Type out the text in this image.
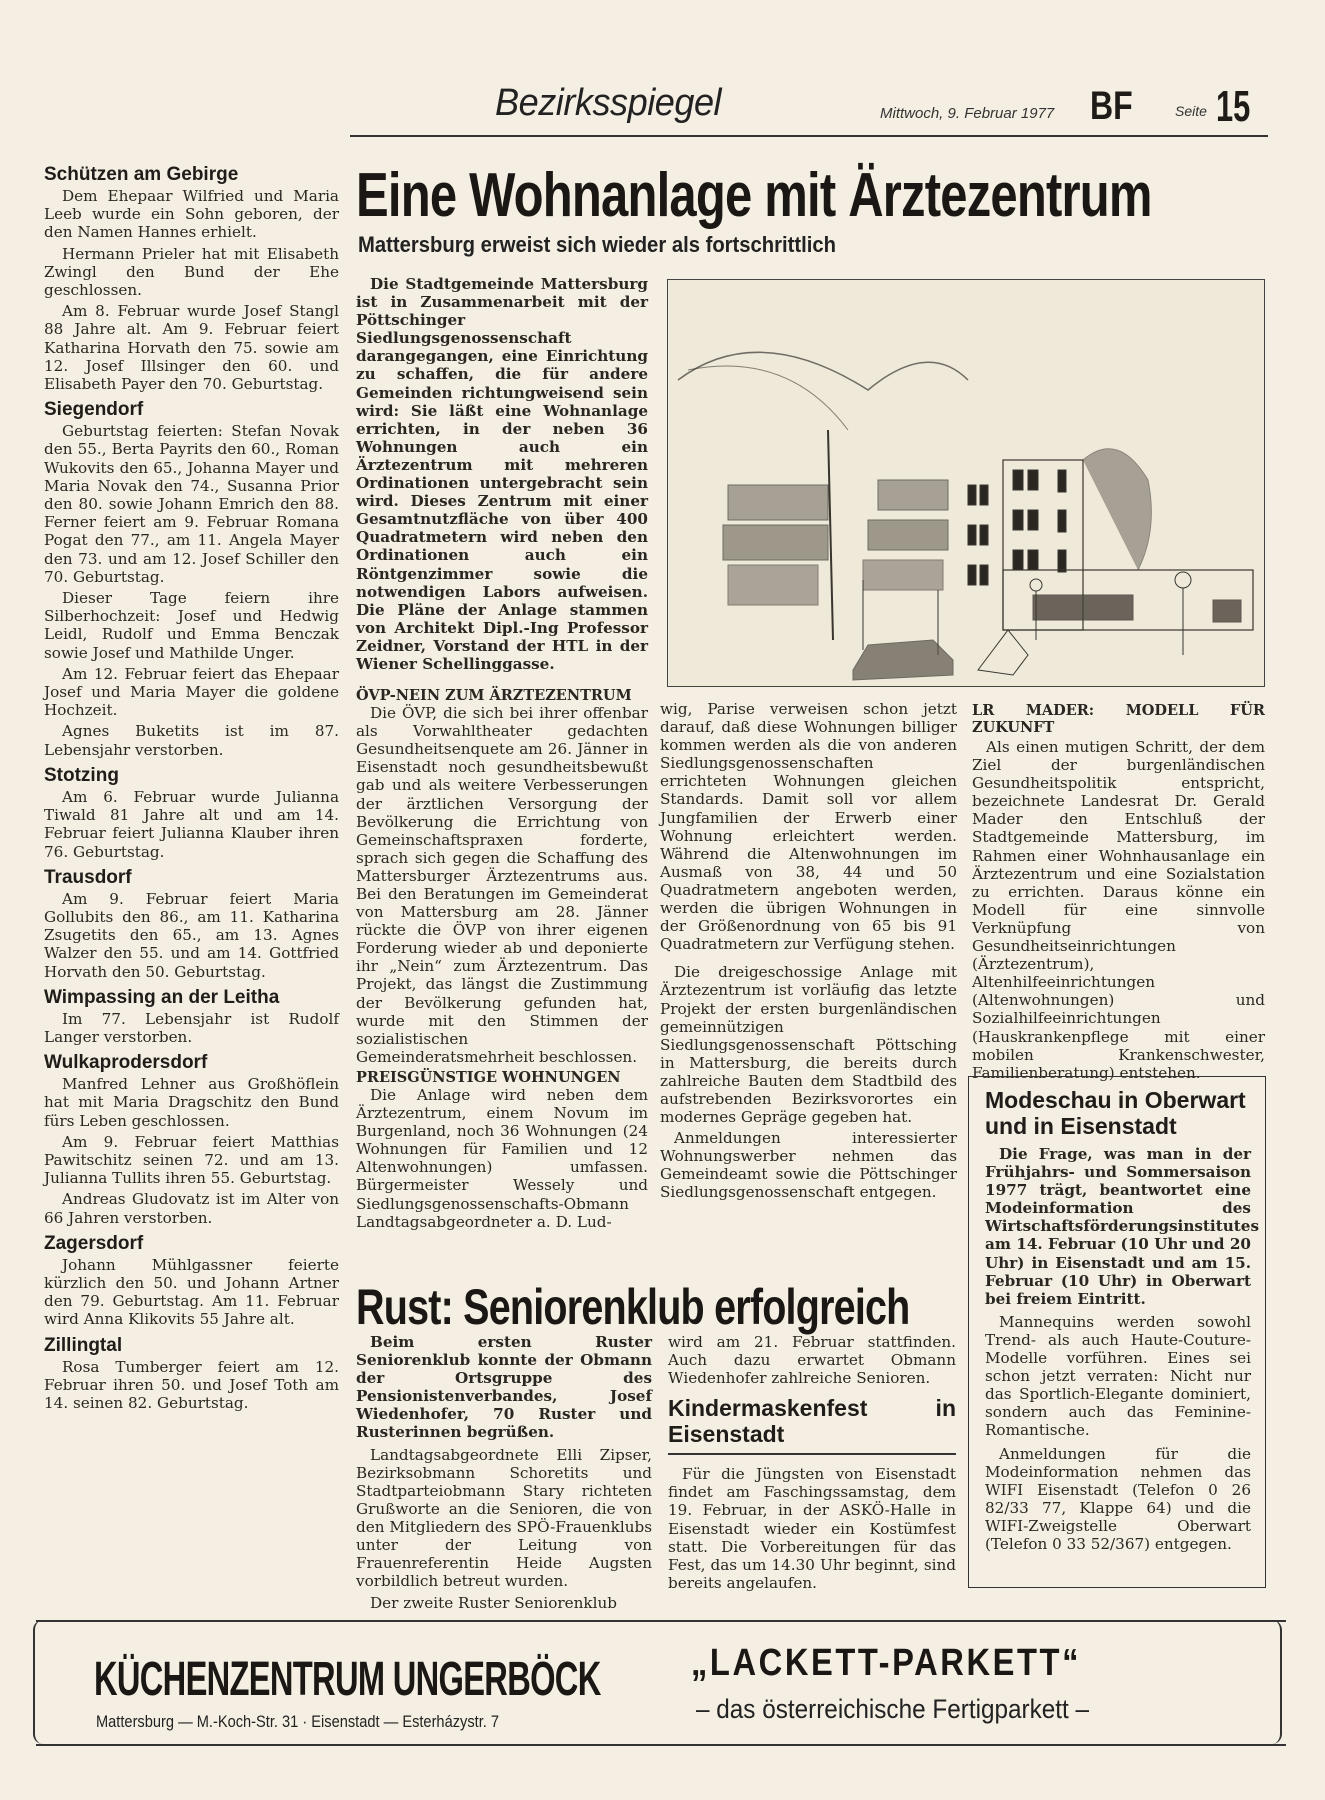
Bezirksspiegel	Mittwoch, 9. Februar 1977 BF	Seite 15
Schützen am Gebirge

Dem Ehepaar Wilfried und Maria Leeb wurde ein Sohn geboren, der den Namen Hannes erhielt.

Hermann Prieler hat mit Elisabeth Zwingl den Bund der Ehe geschlossen.

Am 8. Februar wurde Josef Stangl 88 Jahre alt. Am 9. Februar feiert Katharina Horvath den 75. sowie am 12. Josef Illsinger den 60. und Elisabeth Payer den 70. Geburtstag.

Siegendorf

Geburtstag feierten: Stefan Novak den 55., Berta Payrits den 60., Roman Wukovits den 65., Johanna Mayer und Maria Novak den 74., Susanna Prior den 80. sowie Johann Emrich den 88. Ferner feiert am 9. Februar Romana Pogat den 77., am 11. Angela Mayer den 73. und am 12. Josef Schiller den 70. Geburtstag.

Dieser Tage feiern ihre Silberhochzeit: Josef und Hedwig Leidl, Rudolf und Emma Benczak sowie Josef und Mathilde Unger.

Am 12. Februar feiert das Ehepaar Josef und Maria Mayer die goldene Hochzeit.

Agnes Buketits ist im 87. Lebensjahr verstorben.

Stotzing

Am 6. Februar wurde Julianna Tiwald 81 Jahre alt und am 14. Februar feiert Julianna Klauber ihren 76. Geburtstag.

Trausdorf

Am 9. Februar feiert Maria Gollubits den 86., am 11. Katharina Zsugetits den 65., am 13. Agnes Walzer den 55. und am 14. Gottfried Horvath den 50. Geburtstag.

Wimpassing an der Leitha

Im 77. Lebensjahr ist Rudolf Langer verstorben.

Wulkaprodersdorf

Manfred Lehner aus Großhöflein hat mit Maria Dragschitz den Bund fürs Leben geschlossen.

Am 9. Februar feiert Matthias Pawitschitz seinen 72. und am 13. Julianna Tullits ihren 55. Geburtstag.

Andreas Gludovatz ist im Alter von 66 Jahren verstorben.

Zagersdorf

Johann Mühlgassner feierte kürzlich den 50. und Johann Artner den 79. Geburtstag. Am 11. Februar wird Anna Klikovits 55 Jahre alt.

Zillingtal

Rosa Tumberger feiert am 12. Februar ihren 50. und Josef Toth am 14. seinen 82. Geburtstag.

Eine Wohnanlage mit Ärztezentrum
Mattersburg erweist sich wieder als fortschrittlich

Die Stadtgemeinde Mattersburg ist in Zusammenarbeit mit der Pöttschinger Siedlungsgenossenschaft darangegangen, eine Einrichtung zu schaffen, die für andere Gemeinden richtungweisend sein wird: Sie läßt eine Wohnanlage errichten, in der neben 36 Wohnungen auch ein Ärztezentrum mit mehreren Ordinationen untergebracht sein wird. Dieses Zentrum mit einer Gesamtnutzfläche von über 400 Quadratmetern wird neben den Ordinationen auch ein Röntgenzimmer sowie die notwendigen Labors aufweisen. Die Pläne der Anlage stammen von Architekt Dipl.-Ing Professor Zeidner, Vorstand der HTL in der Wiener Schellinggasse.

ÖVP-NEIN ZUM ÄRZTEZENTRUM

Die ÖVP, die sich bei ihrer offenbar als Vorwahltheater gedachten Gesundheitsenquete am 26. Jänner in Eisenstadt noch gesundheitsbewußt gab und als weitere Verbesserungen der ärztlichen Versorgung der Bevölkerung die Errichtung von Gemeinschaftspraxen forderte, sprach sich gegen die Schaffung des Mattersburger Ärztezentrums aus. Bei den Beratungen im Gemeinderat von Mattersburg am 28. Jänner rückte die ÖVP von ihrer eigenen Forderung wieder ab und deponierte ihr „Nein“ zum Ärztezentrum. Das Projekt, das längst die Zustimmung der Bevölkerung gefunden hat, wurde mit den Stimmen der sozialistischen Gemeinderatsmehrheit beschlossen.

PREISGÜNSTIGE WOHNUNGEN

Die Anlage wird neben dem Ärztezentrum, einem Novum im Burgenland, noch 36 Wohnungen (24 Wohnungen für Familien und 12 Altenwohnungen) umfassen. Bürgermeister Wessely und Siedlungsgenossenschafts-Obmann Landtagsabgeordneter a. D. Lud-

wig, Parise verweisen schon jetzt darauf, daß diese Wohnungen billiger kommen werden als die von anderen Siedlungsgenossenschaften errichteten Wohnungen gleichen Standards. Damit soll vor allem Jungfamilien der Erwerb einer Wohnung erleichtert werden. Während die Altenwohnungen im Ausmaß von 38, 44 und 50 Quadratmetern angeboten werden, werden die übrigen Wohnungen in der Größenordnung von 65 bis 91 Quadratmetern zur Verfügung stehen.

Die dreigeschossige Anlage mit Ärztezentrum ist vorläufig das letzte Projekt der ersten burgenländischen gemeinnützigen Siedlungsgenossenschaft Pöttsching in Mattersburg, die bereits durch zahlreiche Bauten dem Stadtbild des aufstrebenden Bezirksvorortes ein modernes Gepräge gegeben hat.

Anmeldungen interessierter Wohnungswerber nehmen das Gemeindeamt sowie die Pöttschinger Siedlungsgenossenschaft entgegen.

LR MADER: MODELL FÜR ZUKUNFT

Als einen mutigen Schritt, der dem Ziel der burgenländischen Gesundheitspolitik entspricht, bezeichnete Landesrat Dr. Gerald Mader den Entschluß der Stadtgemeinde Mattersburg, im Rahmen einer Wohnhausanlage ein Ärztezentrum und eine Sozialstation zu errichten. Daraus könne ein Modell für eine sinnvolle Verknüpfung von Gesundheitseinrichtungen (Ärztezentrum), Altenhilfeeinrichtungen (Altenwohnungen) und Sozialhilfeeinrichtungen (Hauskrankenpflege mit einer mobilen Krankenschwester, Familienberatung) entstehen.

Modeschau in Oberwart und in Eisenstadt

Die Frage, was man in der Frühjahrs- und Sommersaison 1977 trägt, beantwortet eine Modeinformation des Wirtschaftsförderungsinstitutes am 14. Februar (10 Uhr und 20 Uhr) in Eisenstadt und am 15. Februar (10 Uhr) in Oberwart bei freiem Eintritt.

Mannequins werden sowohl Trend- als auch Haute-Couture-Modelle vorführen. Eines sei schon jetzt verraten: Nicht nur das Sportlich-Elegante dominiert, sondern auch das Feminine-Romantische.

Anmeldungen für die Modeinformation nehmen das WIFI Eisenstadt (Telefon 0 26 82/33 77, Klappe 64) und die WIFI-Zweigstelle Oberwart (Telefon 0 33 52/367) entgegen.

Rust: Seniorenklub erfolgreich

Beim ersten Ruster Seniorenklub konnte der Obmann der Ortsgruppe des Pensionistenverbandes, Josef Wiedenhofer, 70 Ruster und Rusterinnen begrüßen.

Landtagsabgeordnete Elli Zipser, Bezirksobmann Schoretits und Stadtparteiobmann Stary richteten Grußworte an die Senioren, die von den Mitgliedern des SPÖ-Frauenklubs unter der Leitung von Frauenreferentin Heide Augsten vorbildlich betreut wurden.

Der zweite Ruster Seniorenklub

wird am 21. Februar stattfinden. Auch dazu erwartet Obmann Wiedenhofer zahlreiche Senioren.

Kindermaskenfest in Eisenstadt

Für die Jüngsten von Eisenstadt findet am Faschingssamstag, dem 19. Februar, in der ASKÖ-Halle in Eisenstadt wieder ein Kostümfest statt. Die Vorbereitungen für das Fest, das um 14.30 Uhr beginnt, sind bereits angelaufen.

KÜCHENZENTRUM UNGERBÖCK
Mattersburg — M.-Koch-Str. 31 · Eisenstadt — Esterházystr. 7
„LACKETT-PARKETT“
– das österreichische Fertigparkett –
